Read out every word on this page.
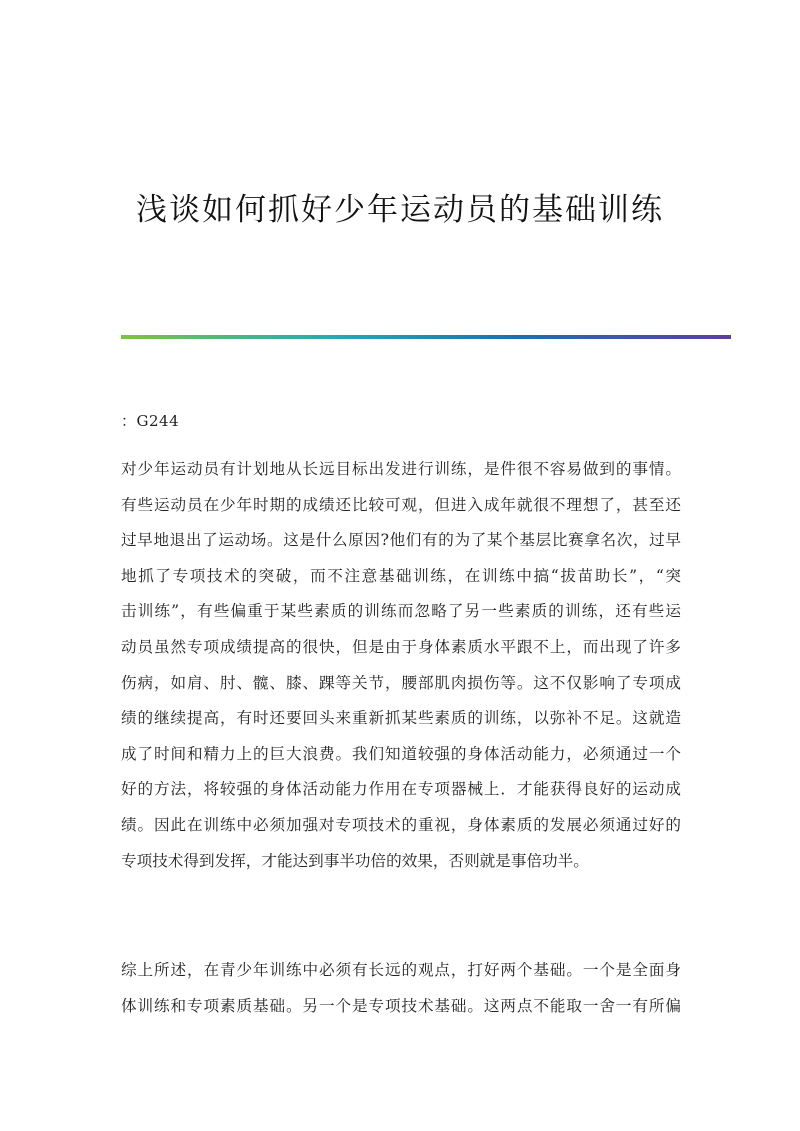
浅谈如何抓好少年运动员的基础训练
：G244
对少年运动员有计划地从长远目标出发进行训练，是件很不容易做到的事情。
有些运动员在少年时期的成绩还比较可观，但进入成年就很不理想了，甚至还
过早地退出了运动场。这是什么原因?他们有的为了某个基层比赛拿名次，过早
地抓了专项技术的突破，而不注意基础训练，在训练中搞“拔苗助长”，“突
击训练”，有些偏重于某些素质的训练而忽略了另一些素质的训练，还有些运
动员虽然专项成绩提高的很快，但是由于身体素质水平跟不上，而出现了许多
伤病，如肩、肘、髋、膝、踝等关节，腰部肌肉损伤等。这不仅影响了专项成
绩的继续提高，有时还要回头来重新抓某些素质的训练，以弥补不足。这就造
成了时间和精力上的巨大浪费。我们知道较强的身体活动能力，必须通过一个
好的方法，将较强的身体活动能力作用在专项器械上．才能获得良好的运动成
绩。因此在训练中必须加强对专项技术的重视，身体素质的发展必须通过好的
专项技术得到发挥，才能达到事半功倍的效果，否则就是事倍功半。
综上所述，在青少年训练中必须有长远的观点，打好两个基础。一个是全面身
体训练和专项素质基础。另一个是专项技术基础。这两点不能取一舍一有所偏
